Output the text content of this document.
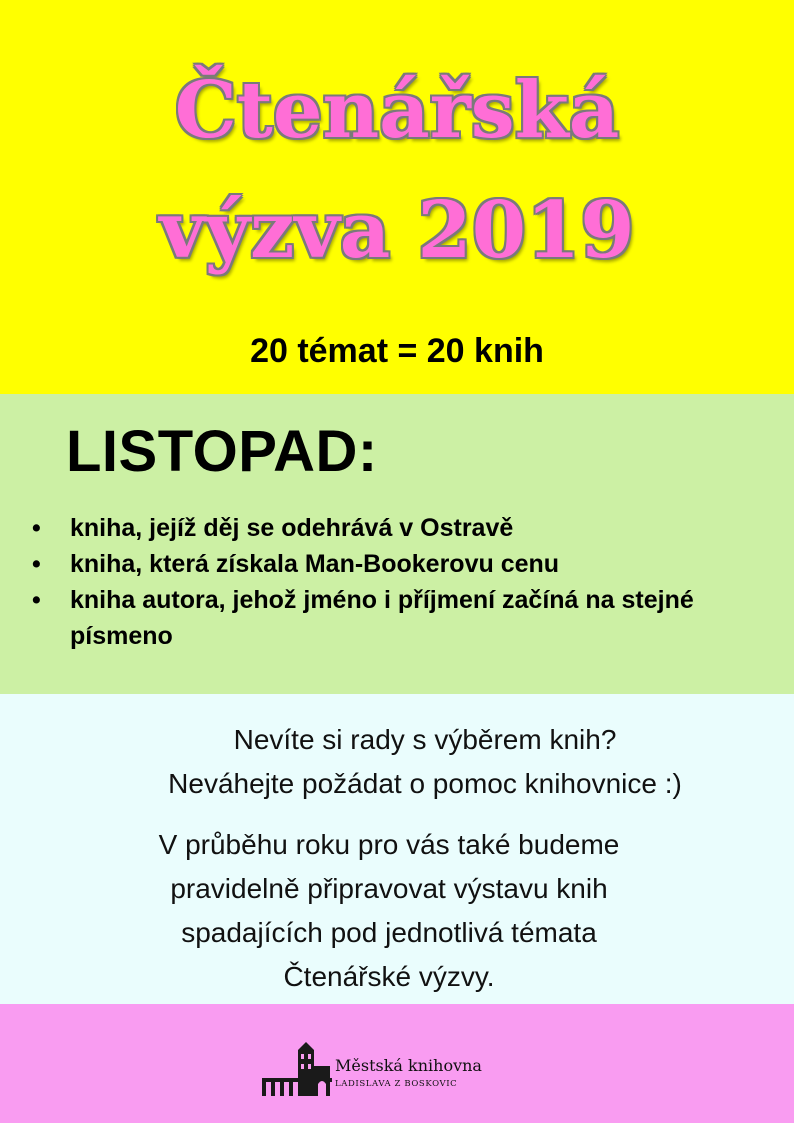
Čtenářská
výzva 2019
20 témat = 20 knih
LISTOPAD:
• kniha, jejíž děj se odehrává v Ostravě
• kniha, která získala Man-Bookerovu cenu
• kniha autora, jehož jméno i příjmení začíná na stejné písmeno
Nevíte si rady s výběrem knih?
Neváhejte požádat o pomoc knihovnice :)
V průběhu roku pro vás také budeme
pravidelně připravovat výstavu knih
spadajících pod jednotlivá témata
Čtenářské výzvy.
Městská knihovna
LADISLAVA Z BOSKOVIC
